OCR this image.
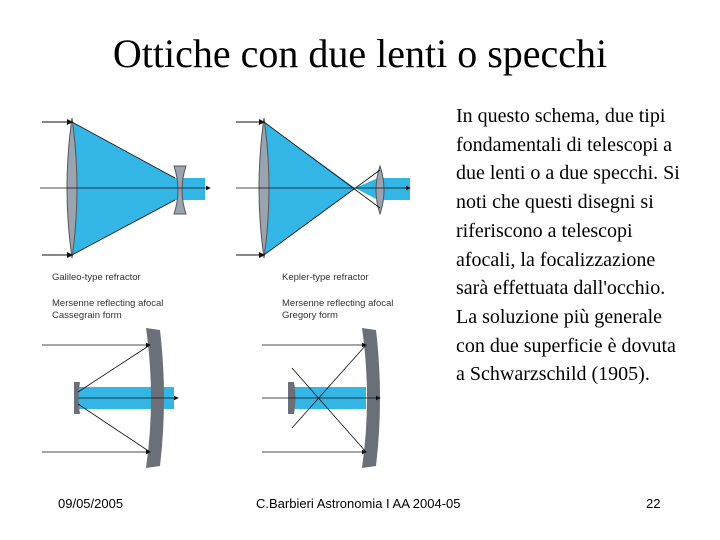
Ottiche con due lenti o specchi
In questo schema, due tipi fondamentali di telescopi a due lenti o a due specchi. Si noti che questi disegni si riferiscono a telescopi afocali, la focalizzazione sarà effettuata dall'occhio. La soluzione più generale con due superficie è dovuta a Schwarzschild (1905).
Galileo-type refractor	Kepler-type refractor
Mersenne reflecting afocal
Cassegrain form
Mersenne reflecting afocal
Gregory form
09/05/2005	C.Barbieri Astronomia I AA 2004-05	22
